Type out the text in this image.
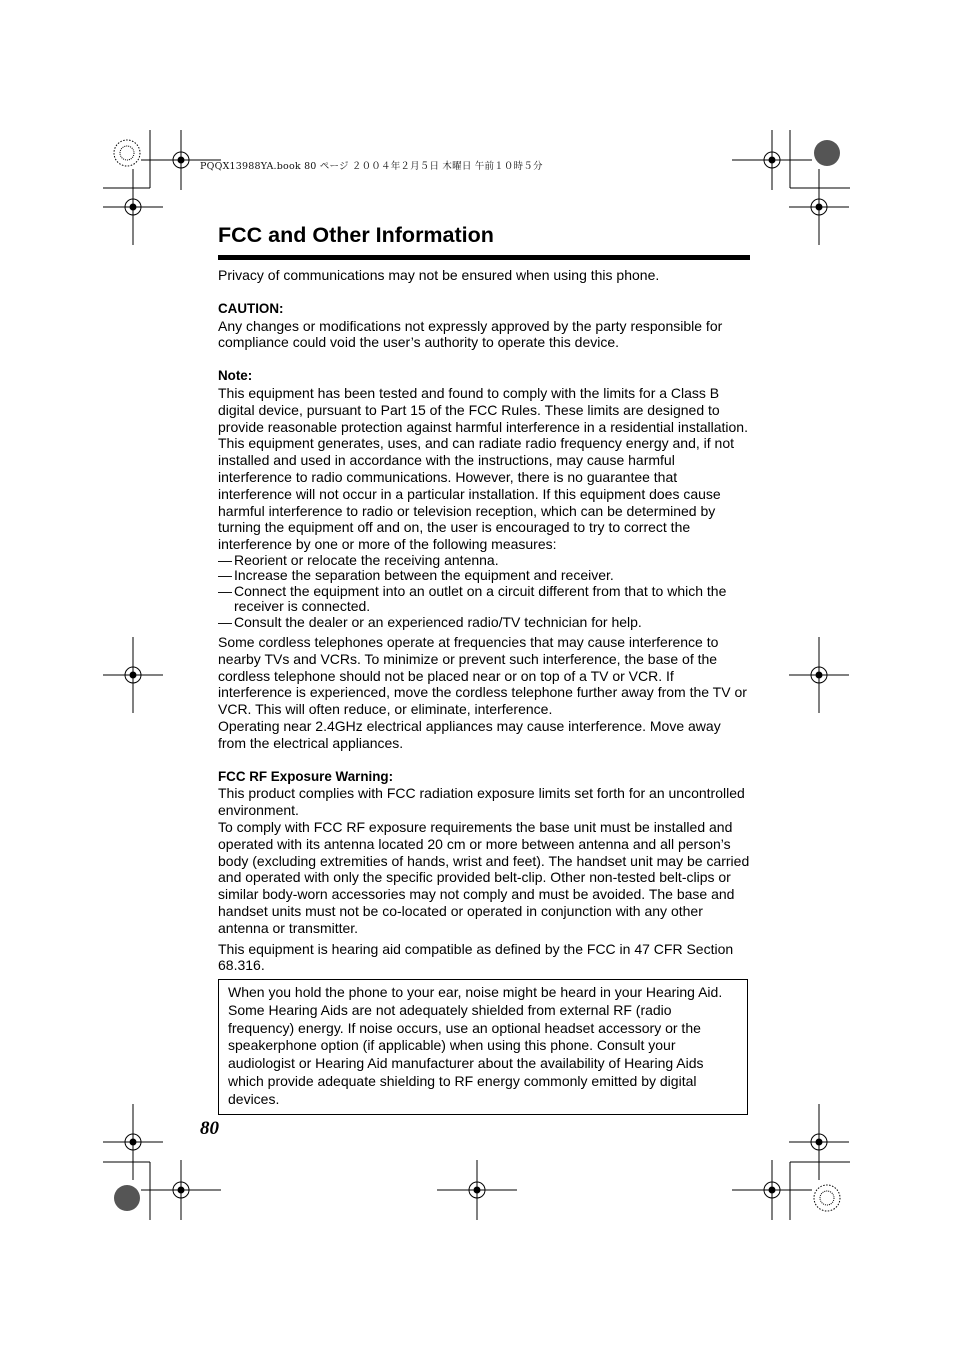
PQQX13988YA.book 80 ページ ２００４年２月５日 木曜日 午前１０時５分
FCC and Other Information

Privacy of communications may not be ensured when using this phone.

CAUTION:

Any changes or modifications not expressly approved by the party responsible for compliance could void the user’s authority to operate this device.

Note:

This equipment has been tested and found to comply with the limits for a Class B digital device, pursuant to Part 15 of the FCC Rules. These limits are designed to provide reasonable protection against harmful interference in a residential installation. This equipment generates, uses, and can radiate radio frequency energy and, if not installed and used in accordance with the instructions, may cause harmful interference to radio communications. However, there is no guarantee that interference will not occur in a particular installation. If this equipment does cause harmful interference to radio or television reception, which can be determined by turning the equipment off and on, the user is encouraged to try to correct the interference by one or more of the following measures:

— Reorient or relocate the receiving antenna.
— Increase the separation between the equipment and receiver.
— Connect the equipment into an outlet on a circuit different from that to which the receiver is connected.
— Consult the dealer or an experienced radio/TV technician for help.

Some cordless telephones operate at frequencies that may cause interference to nearby TVs and VCRs. To minimize or prevent such interference, the base of the cordless telephone should not be placed near or on top of a TV or VCR. If interference is experienced, move the cordless telephone further away from the TV or VCR. This will often reduce, or eliminate, interference.

Operating near 2.4GHz electrical appliances may cause interference. Move away from the electrical appliances.

FCC RF Exposure Warning:

This product complies with FCC radiation exposure limits set forth for an uncontrolled environment.

To comply with FCC RF exposure requirements the base unit must be installed and operated with its antenna located 20 cm or more between antenna and all person’s body (excluding extremities of hands, wrist and feet). The handset unit may be carried and operated with only the specific provided belt-clip. Other non-tested belt-clips or similar body-worn accessories may not comply and must be avoided. The base and handset units must not be co-located or operated in conjunction with any other antenna or transmitter.

This equipment is hearing aid compatible as defined by the FCC in 47 CFR Section 68.316.

When you hold the phone to your ear, noise might be heard in your Hearing Aid. Some Hearing Aids are not adequately shielded from external RF (radio frequency) energy. If noise occurs, use an optional headset accessory or the speakerphone option (if applicable) when using this phone. Consult your audiologist or Hearing Aid manufacturer about the availability of Hearing Aids which provide adequate shielding to RF energy commonly emitted by digital devices.
80
